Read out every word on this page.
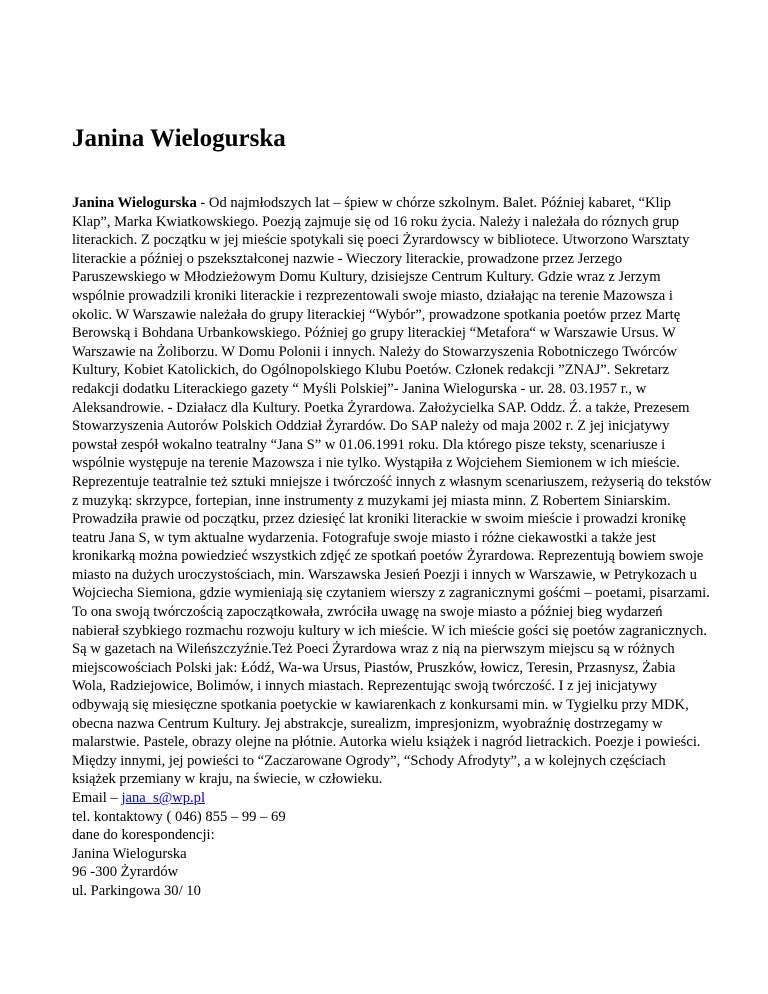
Janina Wielogurska

Janina Wielogurska - Od najmłodszych lat – śpiew w chórze szkolnym. Balet. Później kabaret, “Klip Klap”, Marka Kwiatkowskiego. Poezją zajmuje się od 16 roku życia. Należy i należała do róznych grup literackich. Z początku w jej mieście spotykali się poeci Żyrardowscy w bibliotece. Utworzono Warsztaty literackie a później o pszekształconej nazwie - Wieczory literackie, prowadzone przez Jerzego Paruszewskiego w Młodzieżowym Domu Kultury, dzisiejsze Centrum Kultury. Gdzie wraz z Jerzym wspólnie prowadzili kroniki literackie i rezprezentowali swoje miasto, działając na terenie Mazowsza i okolic. W Warszawie należała do grupy literackiej “Wybór”, prowadzone spotkania poetów przez Martę Berowską i Bohdana Urbankowskiego. Później go grupy literackiej “Metafora“ w Warszawie Ursus. W Warszawie na Żoliborzu. W Domu Polonii i innych. Należy do Stowarzyszenia Robotniczego Twórców Kultury, Kobiet Katolickich, do Ogólnopolskiego Klubu Poetów. Członek redakcji ”ZNAJ”. Sekretarz redakcji dodatku Literackiego gazety “ Myśli Polskiej”- Janina Wielogurska - ur. 28. 03.1957 r., w Aleksandrowie. - Działacz dla Kultury. Poetka Żyrardowa. Założycielka SAP. Oddz. Ź. a także, Prezesem Stowarzyszenia Autorów Polskich Oddział Żyrardów. Do SAP należy od maja 2002 r. Z jej inicjatywy powstał zespół wokalno teatralny “Jana S” w 01.06.1991 roku. Dla którego pisze teksty, scenariusze i wspólnie występuje na terenie Mazowsza i nie tylko. Wystąpiła z Wojciehem Siemionem w ich mieście. Reprezentuje teatralnie też sztuki mniejsze i twórczość innych z własnym scenariuszem, reżyserią do tekstów z muzyką: skrzypce, fortepian, inne instrumenty z muzykami jej miasta minn. Z Robertem Siniarskim. Prowadziła prawie od początku, przez dziesięć lat kroniki literackie w swoim mieście i prowadzi kronikę teatru Jana S, w tym aktualne wydarzenia. Fotografuje swoje miasto i różne ciekawostki a także jest kronikarką można powiedzieć wszystkich zdjęć ze spotkań poetów Żyrardowa. Reprezentują bowiem swoje miasto na dużych uroczystościach, min. Warszawska Jesień Poezji i innych w Warszawie, w Petrykozach u Wojciecha Siemiona, gdzie wymieniają się czytaniem wierszy z zagranicznymi gośćmi – poetami, pisarzami. To ona swoją twórczością zapoczątkowała, zwróciła uwagę na swoje miasto a później bieg wydarzeń nabierał szybkiego rozmachu rozwoju kultury w ich mieście. W ich mieście gości się poetów zagranicznych. Są w gazetach na Wileńszczyźnie.Też Poeci Żyrardowa wraz z nią na pierwszym miejscu są w różnych miejscowościach Polski jak: Łódź, Wa-wa Ursus, Piastów, Pruszków, łowicz, Teresin, Przasnysz, Żabia Wola, Radziejowice, Bolimów, i innych miastach. Reprezentując swoją twórczość. I z jej inicjatywy odbywają się miesięczne spotkania poetyckie w kawiarenkach z konkursami min. w Tygielku przy MDK, obecna nazwa Centrum Kultury. Jej abstrakcje, surealizm, impresjonizm, wyobraźnię dostrzegamy w malarstwie. Pastele, obrazy olejne na płótnie. Autorka wielu książek i nagród lietrackich. Poezje i powieści. Między innymi, jej powieści to “Zaczarowane Ogrody”, “Schody Afrodyty”, a w kolejnych częściach książek przemiany w kraju, na świecie, w człowieku.

Email – jana_s@wp.pl
tel. kontaktowy ( 046) 855 – 99 – 69
dane do korespondencji:
Janina Wielogurska
96 -300 Żyrardów
ul. Parkingowa 30/ 10
